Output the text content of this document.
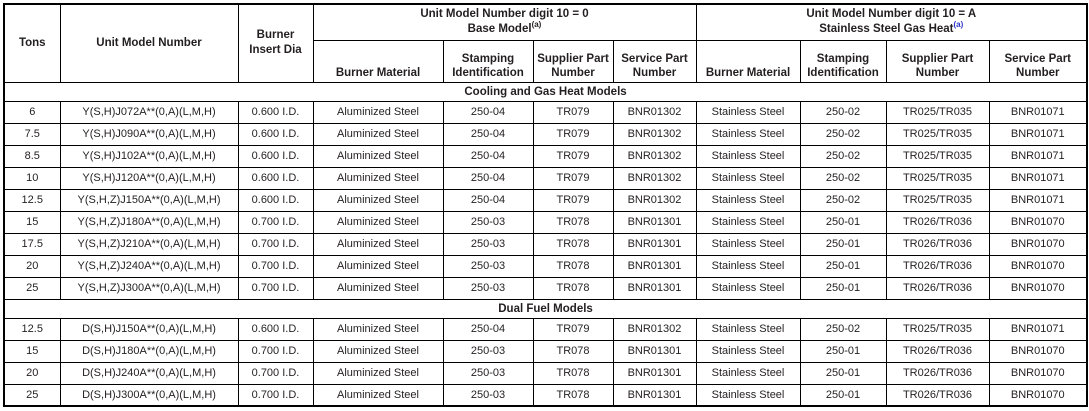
Tons	Unit Model Number	Burner Insert Dia	Unit Model Number digit 10 = 0
Base Model$^{(a)}$				Unit Model Number digit 10 = A
Stainless Steel Gas Heat$^{(a)}$
			Burner Material	Stamping Identification	Supplier Part Number	Service Part Number	Burner Material	Stamping Identification	Supplier Part Number	Service Part Number
Cooling and Gas Heat Models										
6	Y(S,H)J072A**(0,A)(L,M,H)	0.600 I.D.	Aluminized Steel	250-04	TR079	BNR01302	Stainless Steel	250-02	TR025/TR035	BNR01071
7.5	Y(S,H)J090A**(0,A)(L,M,H)	0.600 I.D.	Aluminized Steel	250-04	TR079	BNR01302	Stainless Steel	250-02	TR025/TR035	BNR01071
8.5	Y(S,H)J102A**(0,A)(L,M,H)	0.600 I.D.	Aluminized Steel	250-04	TR079	BNR01302	Stainless Steel	250-02	TR025/TR035	BNR01071
10	Y(S,H)J120A**(0,A)(L,M,H)	0.600 I.D.	Aluminized Steel	250-04	TR079	BNR01302	Stainless Steel	250-02	TR025/TR035	BNR01071
12.5	Y(S,H,Z)J150A**(0,A)(L,M,H)	0.600 I.D.	Aluminized Steel	250-04	TR079	BNR01302	Stainless Steel	250-02	TR025/TR035	BNR01071
15	Y(S,H,Z)J180A**(0,A)(L,M,H)	0.700 I.D.	Aluminized Steel	250-03	TR078	BNR01301	Stainless Steel	250-01	TR026/TR036	BNR01070
17.5	Y(S,H,Z)J210A**(0,A)(L,M,H)	0.700 I.D.	Aluminized Steel	250-03	TR078	BNR01301	Stainless Steel	250-01	TR026/TR036	BNR01070
20	Y(S,H,Z)J240A**(0,A)(L,M,H)	0.700 I.D.	Aluminized Steel	250-03	TR078	BNR01301	Stainless Steel	250-01	TR026/TR036	BNR01070
25	Y(S,H,Z)J300A**(0,A)(L,M,H)	0.700 I.D.	Aluminized Steel	250-03	TR078	BNR01301	Stainless Steel	250-01	TR026/TR036	BNR01070
Dual Fuel Models										
12.5	D(S,H)J150A**(0,A)(L,M,H)	0.600 I.D.	Aluminized Steel	250-04	TR079	BNR01302	Stainless Steel	250-02	TR025/TR035	BNR01071
15	D(S,H)J180A**(0,A)(L,M,H)	0.700 I.D.	Aluminized Steel	250-03	TR078	BNR01301	Stainless Steel	250-01	TR026/TR036	BNR01070
20	D(S,H)J240A**(0,A)(L,M,H)	0.700 I.D.	Aluminized Steel	250-03	TR078	BNR01301	Stainless Steel	250-01	TR026/TR036	BNR01070
25	D(S,H)J300A**(0,A)(L,M,H)	0.700 I.D.	Aluminized Steel	250-03	TR078	BNR01301	Stainless Steel	250-01	TR026/TR036	BNR01070
